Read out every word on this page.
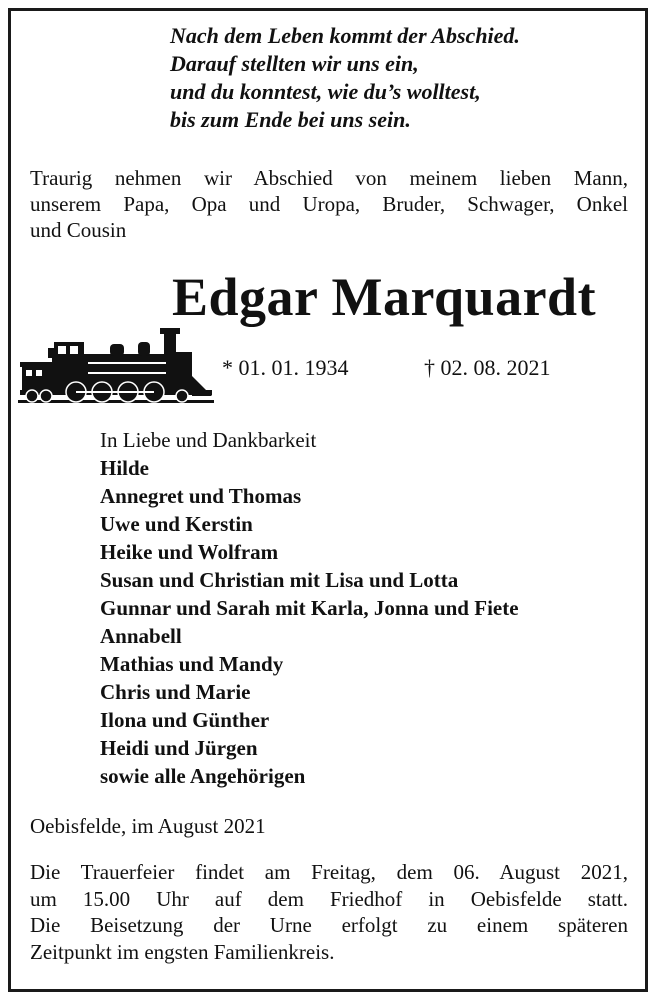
Nach dem Leben kommt der Abschied.
Darauf stellten wir uns ein,
und du konntest, wie du’s wolltest,
bis zum Ende bei uns sein.
Traurig nehmen wir Abschied von meinem lieben Mann,
unserem Papa, Opa und Uropa, Bruder, Schwager, Onkel
und Cousin
Edgar Marquardt
* 01. 01. 1934	† 02. 08. 2021
In Liebe und Dankbarkeit
Hilde
Annegret und Thomas
Uwe und Kerstin
Heike und Wolfram
Susan und Christian mit Lisa und Lotta
Gunnar und Sarah mit Karla, Jonna und Fiete
Annabell
Mathias und Mandy
Chris und Marie
Ilona und Günther
Heidi und Jürgen
sowie alle Angehörigen
Oebisfelde, im August 2021
Die Trauerfeier findet am Freitag, dem 06. August 2021,
um 15.00 Uhr auf dem Friedhof in Oebisfelde statt.
Die Beisetzung der Urne erfolgt zu einem späteren
Zeitpunkt im engsten Familienkreis.
